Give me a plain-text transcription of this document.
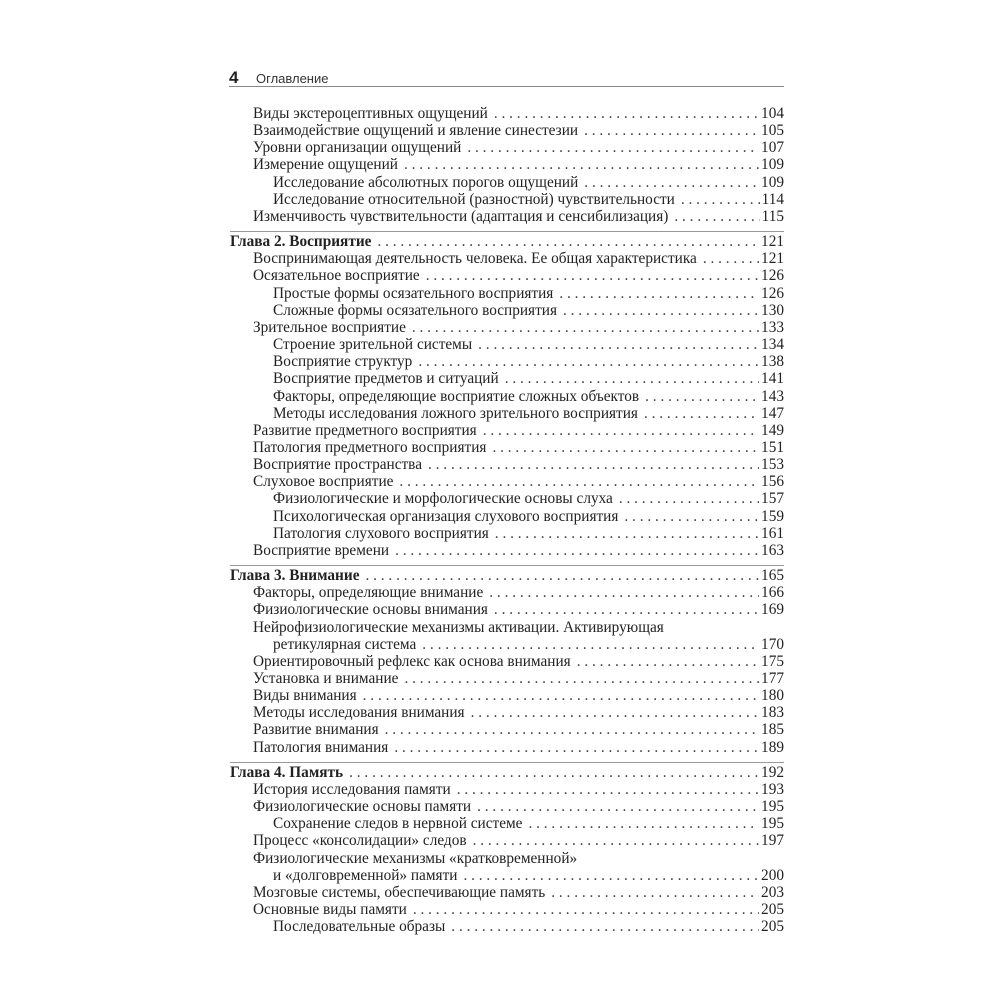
4 Оглавление
Виды экстероцептивных ощущений . . .	104
Взаимодействие ощущений и явление синестезии . . .	105
Уровни организации ощущений . . .	107
Измерение ощущений . . .	109
Исследование абсолютных порогов ощущений . . .	109
Исследование относительной (разностной) чувствительности . . .	114
Изменчивость чувствительности (адаптация и сенсибилизация) . . .	115
Глава 2. Восприятие . . .	121
Воспринимающая деятельность человека. Ее общая характеристика . . .	121
Осязательное восприятие . . .	126
Простые формы осязательного восприятия . . .	126
Сложные формы осязательного восприятия . . .	130
Зрительное восприятие . . .	133
Строение зрительной системы . . .	134
Восприятие структур . . .	138
Восприятие предметов и ситуаций . . .	141
Факторы, определяющие восприятие сложных объектов . . .	143
Методы исследования ложного зрительного восприятия . . .	147
Развитие предметного восприятия . . .	149
Патология предметного восприятия . . .	151
Восприятие пространства . . .	153
Слуховое восприятие . . .	156
Физиологические и морфологические основы слуха . . .	157
Психологическая организация слухового восприятия . . .	159
Патология слухового восприятия . . .	161
Восприятие времени . . .	163
Глава 3. Внимание . . .	165
Факторы, определяющие внимание . . .	166
Физиологические основы внимания . . .	169
Нейрофизиологические механизмы активации. Активирующая
ретикулярная система . . .	170
Ориентировочный рефлекс как основа внимания . . .	175
Установка и внимание . . .	177
Виды внимания . . .	180
Методы исследования внимания . . .	183
Развитие внимания . . .	185
Патология внимания . . .	189
Глава 4. Память . . .	192
История исследования памяти . . .	193
Физиологические основы памяти . . .	195
Сохранение следов в нервной системе . . .	195
Процесс «консолидации» следов . . .	197
Физиологические механизмы «кратковременной»
и «долговременной» памяти . . .	200
Мозговые системы, обеспечивающие память . . .	203
Основные виды памяти . . .	205
Последовательные образы . . .	205
